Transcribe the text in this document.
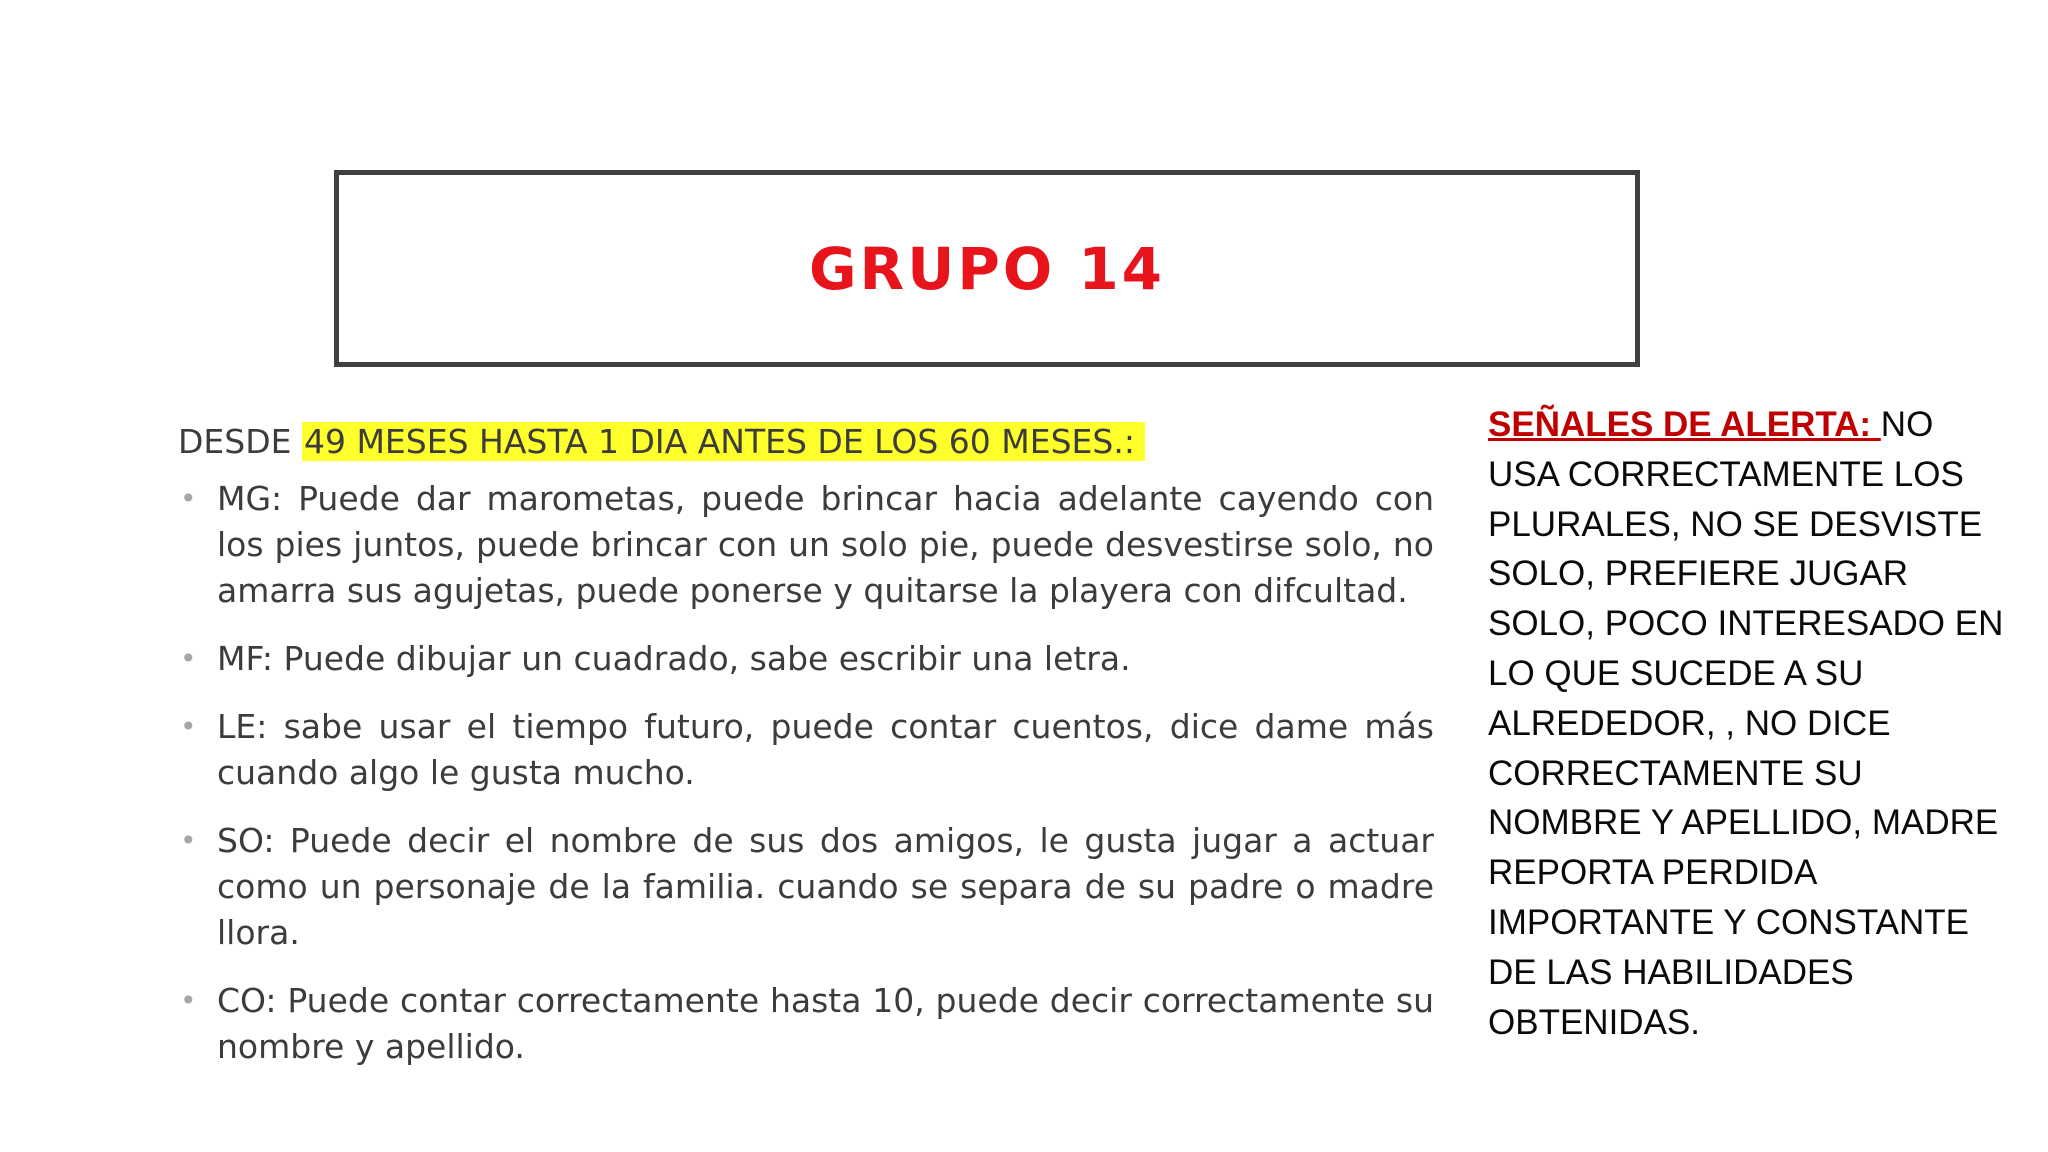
GRUPO 14

DESDE 49 MESES HASTA 1 DIA ANTES DE LOS 60 MESES.:

• MG: Puede dar marometas, puede brincar hacia adelante cayendo con los pies juntos, puede brincar con un solo pie, puede desvestirse solo, no amarra sus agujetas, puede ponerse y quitarse la playera con difcultad.
• MF: Puede dibujar un cuadrado, sabe escribir una letra.
• LE: sabe usar el tiempo futuro, puede contar cuentos, dice dame más cuando algo le gusta mucho.
• SO: Puede decir el nombre de sus dos amigos, le gusta jugar a actuar como un personaje de la familia. cuando se separa de su padre o madre llora.
• CO: Puede contar correctamente hasta 10, puede decir correctamente su nombre y apellido.
SEÑALES DE ALERTA: NO USA CORRECTAMENTE LOS PLURALES, NO SE DESVISTE SOLO, PREFIERE JUGAR SOLO, POCO INTERESADO EN LO QUE SUCEDE A SU ALREDEDOR, , NO DICE CORRECTAMENTE SU NOMBRE Y APELLIDO, MADRE REPORTA PERDIDA IMPORTANTE Y CONSTANTE DE LAS HABILIDADES OBTENIDAS.
